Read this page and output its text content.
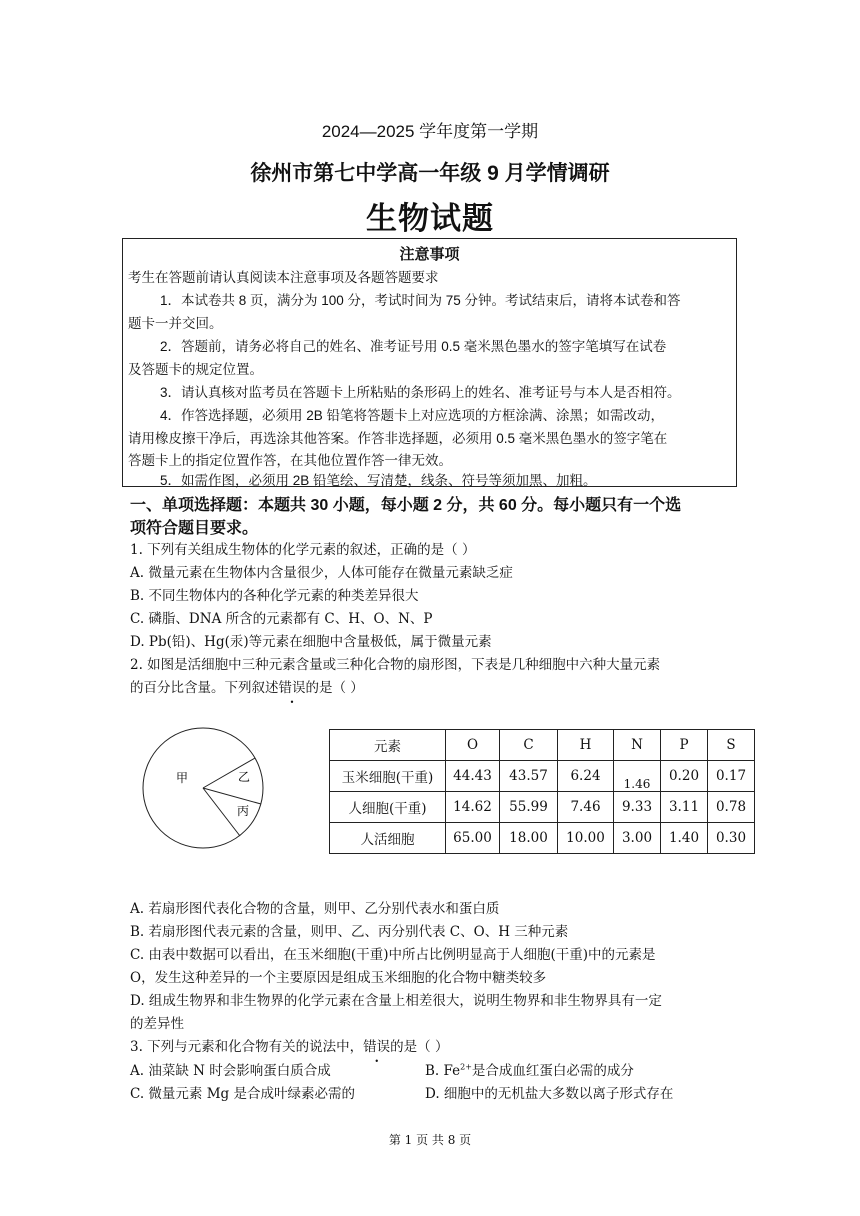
2024—2025 学年度第一学期
徐州市第七中学高一年级 9 月学情调研
生物试题
注意事项
考生在答题前请认真阅读本注意事项及各题答题要求
1．本试卷共 8 页，满分为 100 分，考试时间为 75 分钟。考试结束后，请将本试卷和答
题卡一并交回。
2．答题前，请务必将自己的姓名、准考证号用 0.5 毫米黑色墨水的签字笔填写在试卷
及答题卡的规定位置。
3．请认真核对监考员在答题卡上所粘贴的条形码上的姓名、准考证号与本人是否相符。
4．作答选择题，必须用 2B 铅笔将答题卡上对应选项的方框涂满、涂黑；如需改动，
请用橡皮擦干净后，再选涂其他答案。作答非选择题，必须用 0.5 毫米黑色墨水的签字笔在
答题卡上的指定位置作答，在其他位置作答一律无效。
5．如需作图，必须用 2B 铅笔绘、写清楚，线条、符号等须加黑、加粗。
一、单项选择题：本题共 30 小题，每小题 2 分，共 60 分。每小题只有一个选
项符合题目要求。
1. 下列有关组成生物体的化学元素的叙述，正确的是（ ）
A. 微量元素在生物体内含量很少，人体可能存在微量元素缺乏症
B. 不同生物体内的各种化学元素的种类差异很大
C. 磷脂、DNA 所含的元素都有 C、H、O、N、P
D. Pb(铅)、Hg(汞)等元素在细胞中含量极低，属于微量元素
2. 如图是活细胞中三种元素含量或三种化合物的扇形图，下表是几种细胞中六种大量元素
的百分比含量。下列叙述错误的是（ ）
甲	乙
丙
元素	O	C	H	N	P	S
玉米细胞(干重)	44.43	43.57	6.24	1.46	0.20	0.17
人细胞(干重)	14.62	55.99	7.46	9.33	3.11	0.78
人活细胞	65.00	18.00	10.00	3.00	1.40	0.30
A. 若扇形图代表化合物的含量，则甲、乙分别代表水和蛋白质
B. 若扇形图代表元素的含量，则甲、乙、丙分别代表 C、O、H 三种元素
C. 由表中数据可以看出，在玉米细胞(干重)中所占比例明显高于人细胞(干重)中的元素是
O，发生这种差异的一个主要原因是组成玉米细胞的化合物中糖类较多
D. 组成生物界和非生物界的化学元素在含量上相差很大，说明生物界和非生物界具有一定
的差异性
3. 下列与元素和化合物有关的说法中，错误的是（ ）
A. 油菜缺 N 时会影响蛋白质合成	B. $Fe^{2+}$是合成血红蛋白必需的成分
C. 微量元素 Mg 是合成叶绿素必需的	D. 细胞中的无机盐大多数以离子形式存在
第 1 页 共 8 页
